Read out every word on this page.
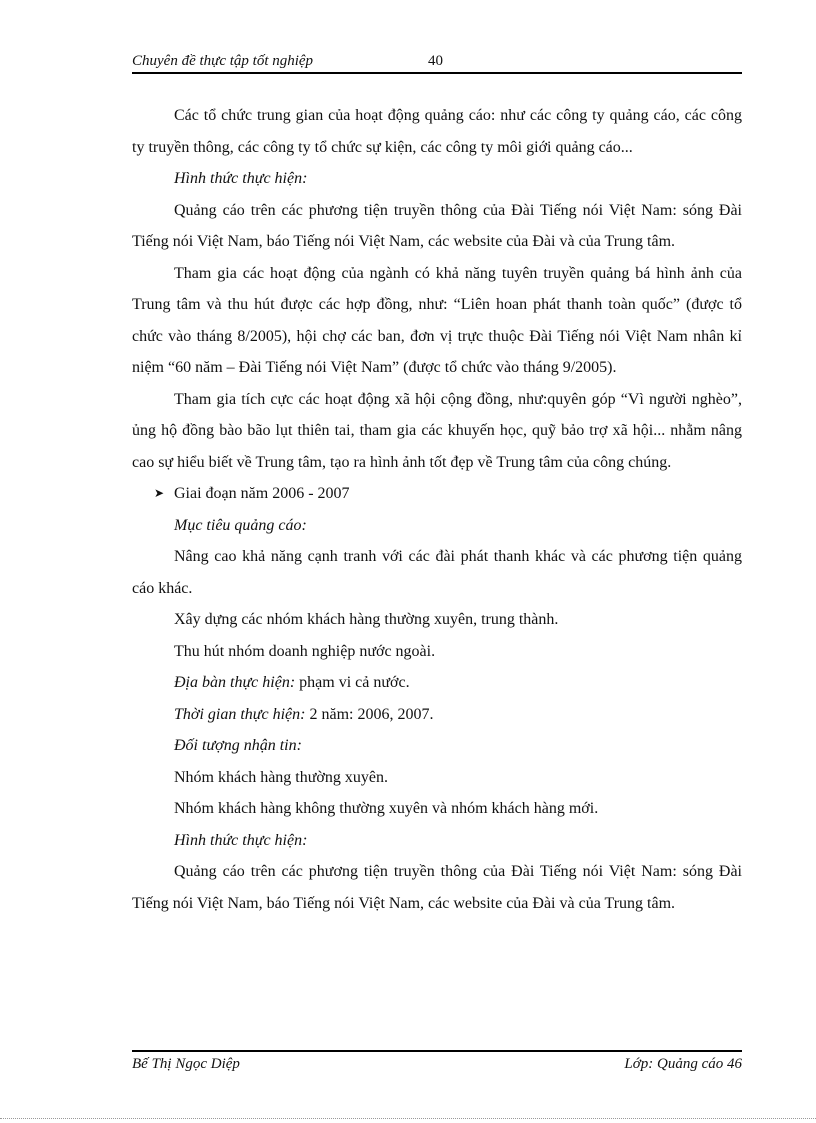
Chuyên đề thực tập tốt nghiệp	40

Các tổ chức trung gian của hoạt động quảng cáo: như các công ty quảng cáo, các công ty truyền thông, các công ty tổ chức sự kiện, các công ty môi giới quảng cáo...

Hình thức thực hiện:

Quảng cáo trên các phương tiện truyền thông của Đài Tiếng nói Việt Nam: sóng Đài Tiếng nói Việt Nam, báo Tiếng nói Việt Nam, các website của Đài và của Trung tâm.

Tham gia các hoạt động của ngành có khả năng tuyên truyền quảng bá hình ảnh của Trung tâm và thu hút được các hợp đồng, như: “Liên hoan phát thanh toàn quốc” (được tổ chức vào tháng 8/2005), hội chợ các ban, đơn vị trực thuộc Đài Tiếng nói Việt Nam nhân kỉ niệm “60 năm – Đài Tiếng nói Việt Nam” (được tổ chức vào tháng 9/2005).

Tham gia tích cực các hoạt động xã hội cộng đồng, như:quyên góp “Vì người nghèo”, ủng hộ đồng bào bão lụt thiên tai, tham gia các khuyến học, quỹ bảo trợ xã hội... nhằm nâng cao sự hiểu biết về Trung tâm, tạo ra hình ảnh tốt đẹp về Trung tâm của công chúng.

➤ Giai đoạn năm 2006 - 2007

Mục tiêu quảng cáo:

Nâng cao khả năng cạnh tranh với các đài phát thanh khác và các phương tiện quảng cáo khác.

Xây dựng các nhóm khách hàng thường xuyên, trung thành.

Thu hút nhóm doanh nghiệp nước ngoài.

Địa bàn thực hiện: phạm vi cả nước.

Thời gian thực hiện: 2 năm: 2006, 2007.

Đối tượng nhận tin:

Nhóm khách hàng thường xuyên.

Nhóm khách hàng không thường xuyên và nhóm khách hàng mới.

Hình thức thực hiện:

Quảng cáo trên các phương tiện truyền thông của Đài Tiếng nói Việt Nam: sóng Đài Tiếng nói Việt Nam, báo Tiếng nói Việt Nam, các website của Đài và của Trung tâm.

Bế Thị Ngọc Diệp	Lớp: Quảng cáo 46
